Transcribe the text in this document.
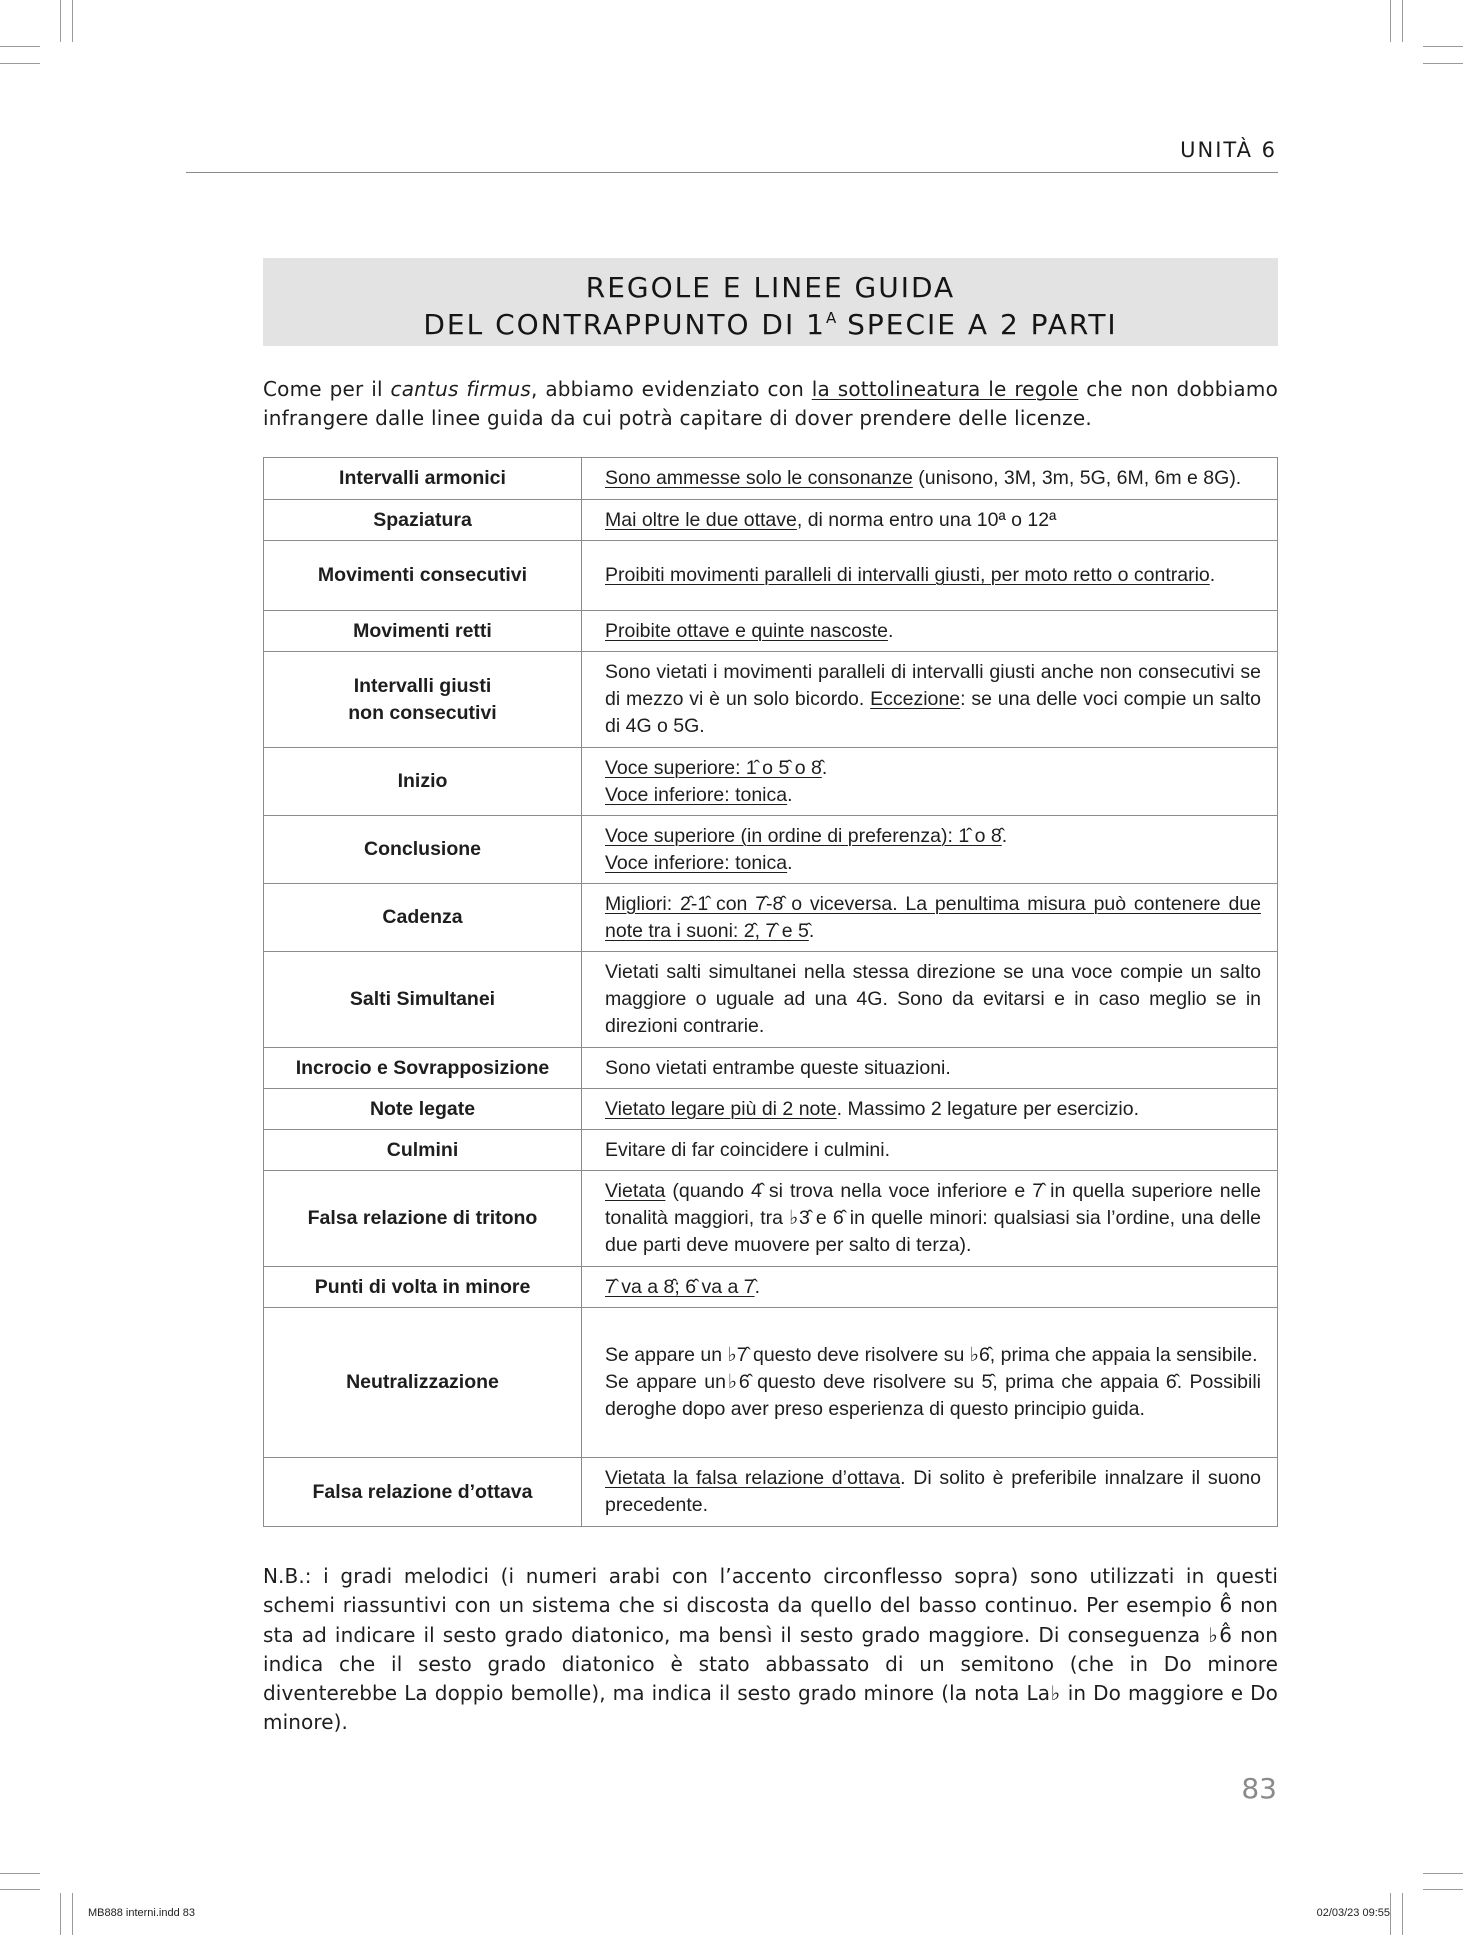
UNITÀ 6
REGOLE E LINEE GUIDA
DEL CONTRAPPUNTO DI $1^A$ SPECIE A 2 PARTI
Come per il cantus firmus, abbiamo evidenziato con la sottolineatura le regole che non dobbiamo infrangere dalle linee guida da cui potrà capitare di dover prendere delle licenze.
Intervalli armonici	Sono ammesse solo le consonanze (unisono, 3M, 3m, 5G, 6M, 6m e 8G).
Spaziatura	Mai oltre le due ottave, di norma entro una 10ª o 12ª
Movimenti consecutivi	Proibiti movimenti paralleli di intervalli giusti, per moto retto o contrario.
Movimenti retti	Proibite ottave e quinte nascoste.
Intervalli giusti
non consecutivi	Sono vietati i movimenti paralleli di intervalli giusti anche non consecutivi se di mezzo vi è un solo bicordo. Eccezione: se una delle voci compie un salto di 4G o 5G.
Inizio	Voce superiore: 1̂ o 5̂ o 8̂.
Voce inferiore: tonica.
Conclusione	Voce superiore (in ordine di preferenza): 1̂ o 8̂.
Voce inferiore: tonica.
Cadenza	Migliori: 2̂-1̂ con 7̂-8̂ o viceversa. La penultima misura può contenere due note tra i suoni: 2̂, 7̂ e 5̂.
Salti Simultanei	Vietati salti simultanei nella stessa direzione se una voce compie un salto maggiore o uguale ad una 4G. Sono da evitarsi e in caso meglio se in direzioni contrarie.
Incrocio e Sovrapposizione	Sono vietati entrambe queste situazioni.
Note legate	Vietato legare più di 2 note. Massimo 2 legature per esercizio.
Culmini	Evitare di far coincidere i culmini.
Falsa relazione di tritono	Vietata (quando 4̂ si trova nella voce inferiore e 7̂ in quella superiore nelle tonalità maggiori, tra ♭3̂ e 6̂ in quelle minori: qualsiasi sia l’ordine, una delle due parti deve muovere per salto di terza).
Punti di volta in minore	7̂ va a 8̂; 6̂ va a 7̂.
Neutralizzazione	Se appare un ♭7̂ questo deve risolvere su ♭6̂, prima che appaia la sensibile.
Se appare un♭6̂ questo deve risolvere su 5̂, prima che appaia 6̂. Possibili deroghe dopo aver preso esperienza di questo principio guida.
Falsa relazione d’ottava	Vietata la falsa relazione d’ottava. Di solito è preferibile innalzare il suono precedente.
N.B.: i gradi melodici (i numeri arabi con l’accento circonflesso sopra) sono utilizzati in questi schemi riassuntivi con un sistema che si discosta da quello del basso continuo. Per esempio 6̂ non sta ad indicare il sesto grado diatonico, ma bensì il sesto grado maggiore. Di conseguenza ♭6̂ non indica che il sesto grado diatonico è stato abbassato di un semitono (che in Do minore diventerebbe La doppio bemolle), ma indica il sesto grado minore (la nota La♭ in Do maggiore e Do minore).
83
MB888 interni.indd 83	02/03/23 09:55
